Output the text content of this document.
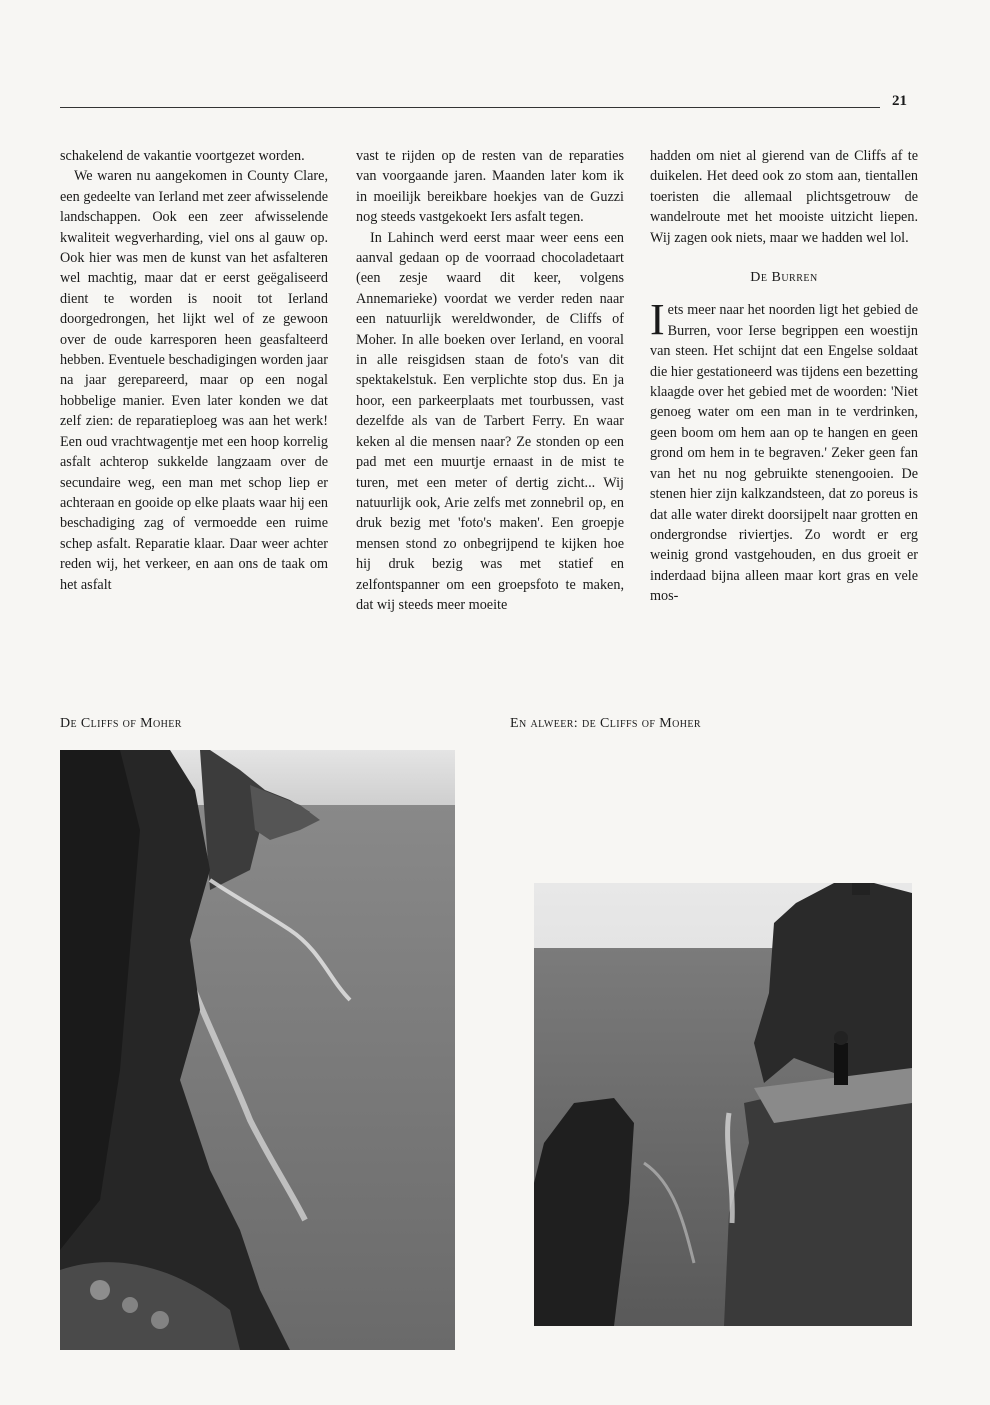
21

schakelend de vakantie voortgezet worden.

We waren nu aangekomen in County Clare, een gedeelte van Ierland met zeer afwisselende landschappen. Ook een zeer afwisselende kwaliteit wegverharding, viel ons al gauw op. Ook hier was men de kunst van het asfalteren wel machtig, maar dat er eerst geëgaliseerd dient te worden is nooit tot Ierland doorgedrongen, het lijkt wel of ze gewoon over de oude karresporen heen geasfalteerd hebben. Eventuele beschadigingen worden jaar na jaar gerepareerd, maar op een nogal hobbelige manier. Even later konden we dat zelf zien: de reparatieploeg was aan het werk! Een oud vrachtwagentje met een hoop korrelig asfalt achterop sukkelde langzaam over de secundaire weg, een man met schop liep er achteraan en gooide op elke plaats waar hij een beschadiging zag of vermoedde een ruime schep asfalt. Reparatie klaar. Daar weer achter reden wij, het verkeer, en aan ons de taak om het asfalt

vast te rijden op de resten van de reparaties van voorgaande jaren. Maanden later kom ik in moeilijk bereikbare hoekjes van de Guzzi nog steeds vastgekoekt Iers asfalt tegen.

In Lahinch werd eerst maar weer eens een aanval gedaan op de voorraad chocoladetaart (een zesje waard dit keer, volgens Annemarieke) voordat we verder reden naar een natuurlijk wereldwonder, de Cliffs of Moher. In alle boeken over Ierland, en vooral in alle reisgidsen staan de foto's van dit spektakelstuk. Een verplichte stop dus. En ja hoor, een parkeerplaats met tourbussen, vast dezelfde als van de Tarbert Ferry. En waar keken al die mensen naar? Ze stonden op een pad met een muurtje ernaast in de mist te turen, met een meter of dertig zicht... Wij natuurlijk ook, Arie zelfs met zonnebril op, en druk bezig met 'foto's maken'. Een groepje mensen stond zo onbegrijpend te kijken hoe hij druk bezig was met statief en zelfontspanner om een groepsfoto te maken, dat wij steeds meer moeite

hadden om niet al gierend van de Cliffs af te duikelen. Het deed ook zo stom aan, tientallen toeristen die allemaal plichtsgetrouw de wandelroute met het mooiste uitzicht liepen. Wij zagen ook niets, maar we hadden wel lol.

De Burren

Iets meer naar het noorden ligt het gebied de Burren, voor Ierse begrippen een woestijn van steen. Het schijnt dat een Engelse soldaat die hier gestationeerd was tijdens een bezetting klaagde over het gebied met de woorden: 'Niet genoeg water om een man in te verdrinken, geen boom om hem aan op te hangen en geen grond om hem in te begraven.' Zeker geen fan van het nu nog gebruikte stenengooien. De stenen hier zijn kalkzandsteen, dat zo poreus is dat alle water direkt doorsijpelt naar grotten en ondergrondse riviertjes. Zo wordt er erg weinig grond vastgehouden, en dus groeit er inderdaad bijna alleen maar kort gras en vele mos-

De Cliffs of Moher	En alweer: de Cliffs of Moher
